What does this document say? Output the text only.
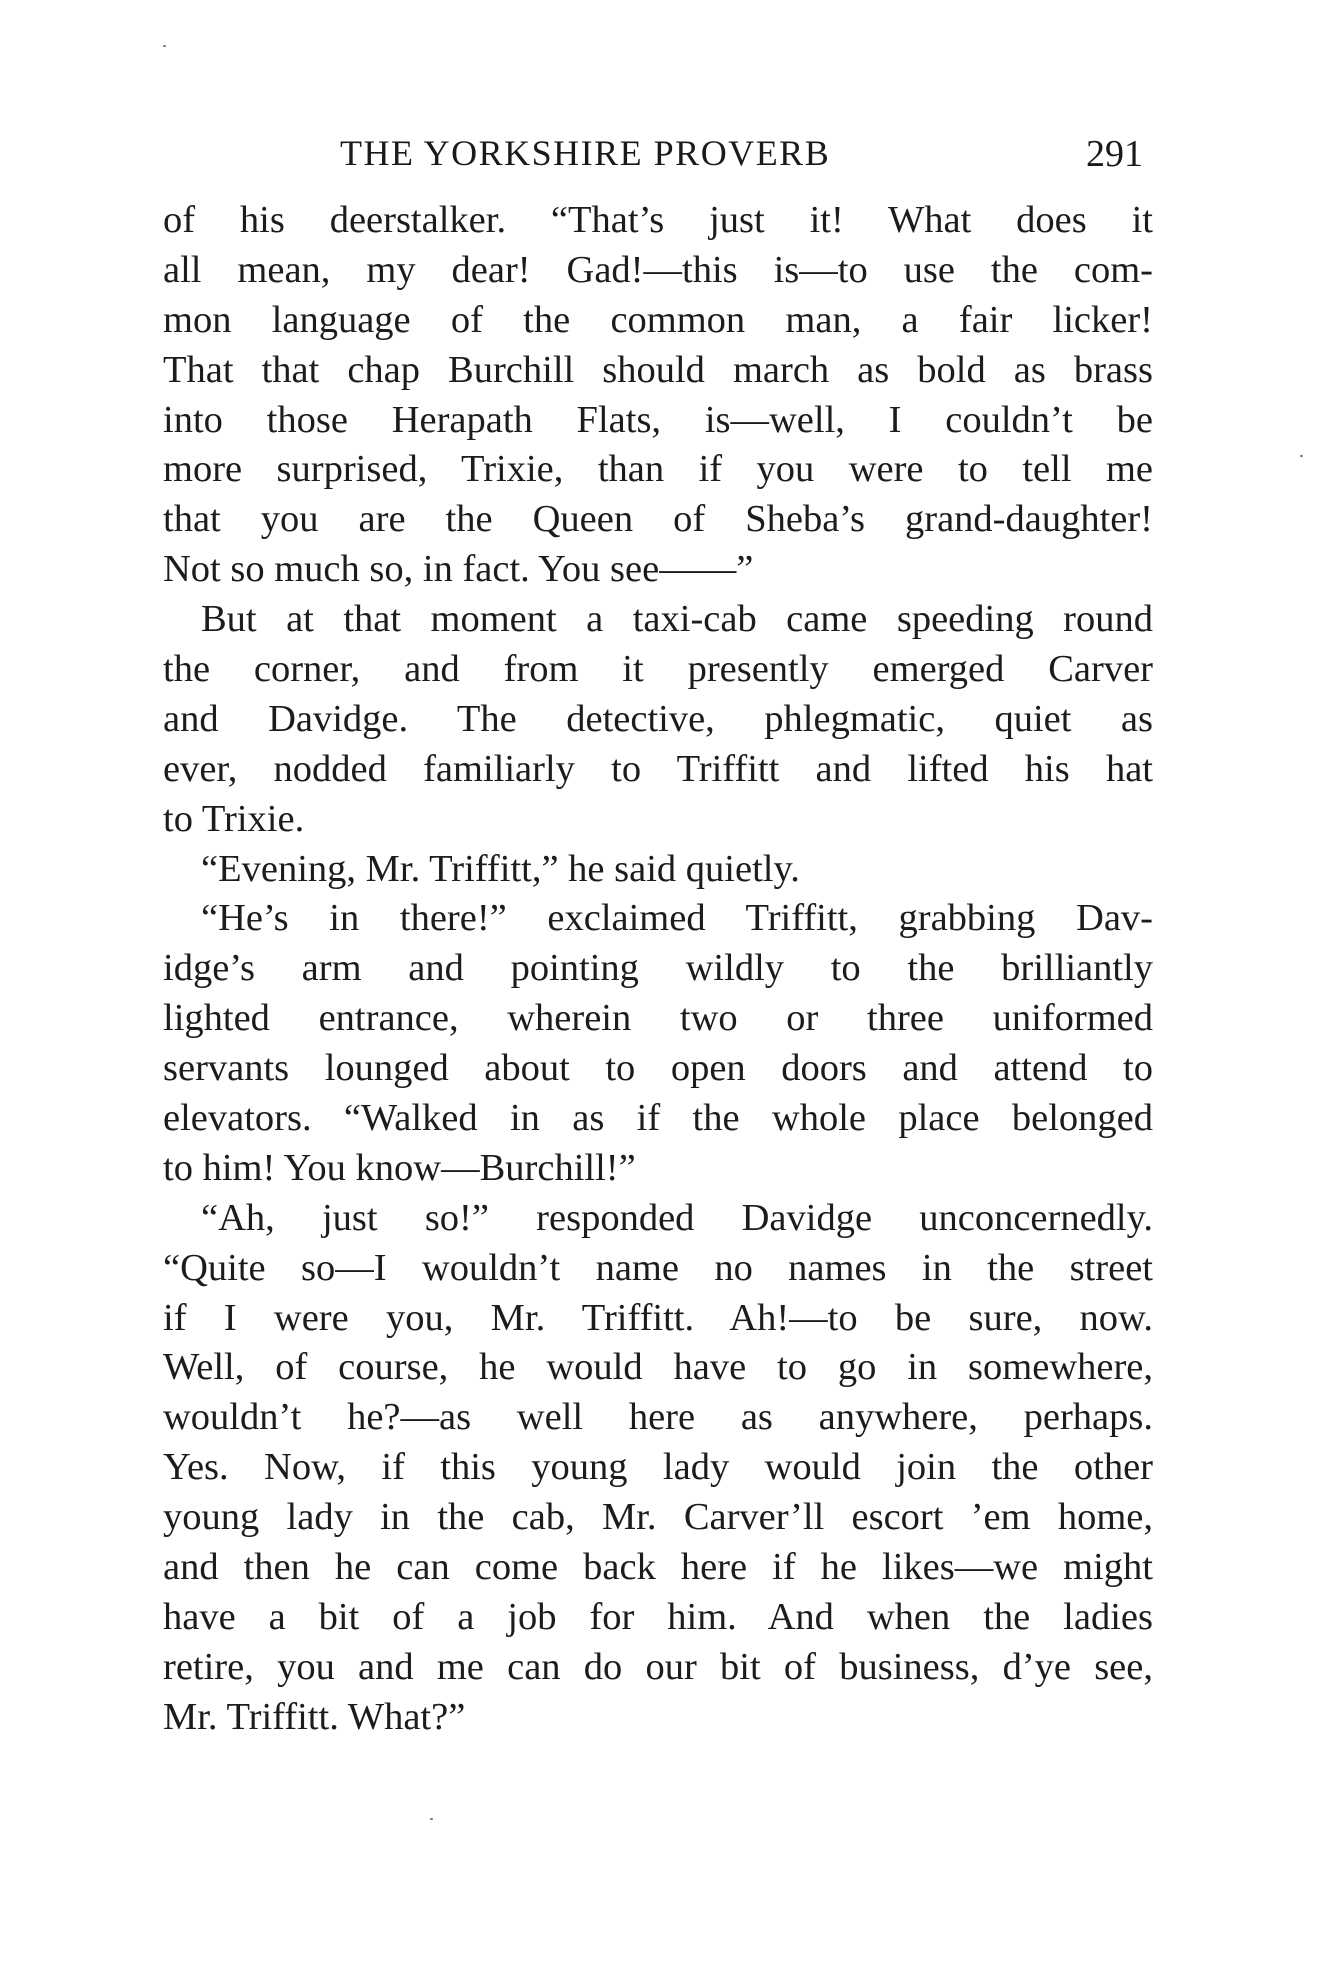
THE YORKSHIRE PROVERB	291

of his deerstalker. “That’s just it! What does it
all mean, my dear! Gad!—this is—to use the com-
mon language of the common man, a fair licker!
That that chap Burchill should march as bold as brass
into those Herapath Flats, is—well, I couldn’t be
more surprised, Trixie, than if you were to tell me
that you are the Queen of Sheba’s grand-daughter!
Not so much so, in fact. You see——”

But at that moment a taxi-cab came speeding round
the corner, and from it presently emerged Carver
and Davidge. The detective, phlegmatic, quiet as
ever, nodded familiarly to Triffitt and lifted his hat
to Trixie.

“Evening, Mr. Triffitt,” he said quietly.

“He’s in there!” exclaimed Triffitt, grabbing Dav-
idge’s arm and pointing wildly to the brilliantly
lighted entrance, wherein two or three uniformed
servants lounged about to open doors and attend to
elevators. “Walked in as if the whole place belonged
to him! You know—Burchill!”

“Ah, just so!” responded Davidge unconcernedly.
“Quite so—I wouldn’t name no names in the street
if I were you, Mr. Triffitt. Ah!—to be sure, now.
Well, of course, he would have to go in somewhere,
wouldn’t he?—as well here as anywhere, perhaps.
Yes. Now, if this young lady would join the other
young lady in the cab, Mr. Carver’ll escort ’em home,
and then he can come back here if he likes—we might
have a bit of a job for him. And when the ladies
retire, you and me can do our bit of business, d’ye see,
Mr. Triffitt. What?”
